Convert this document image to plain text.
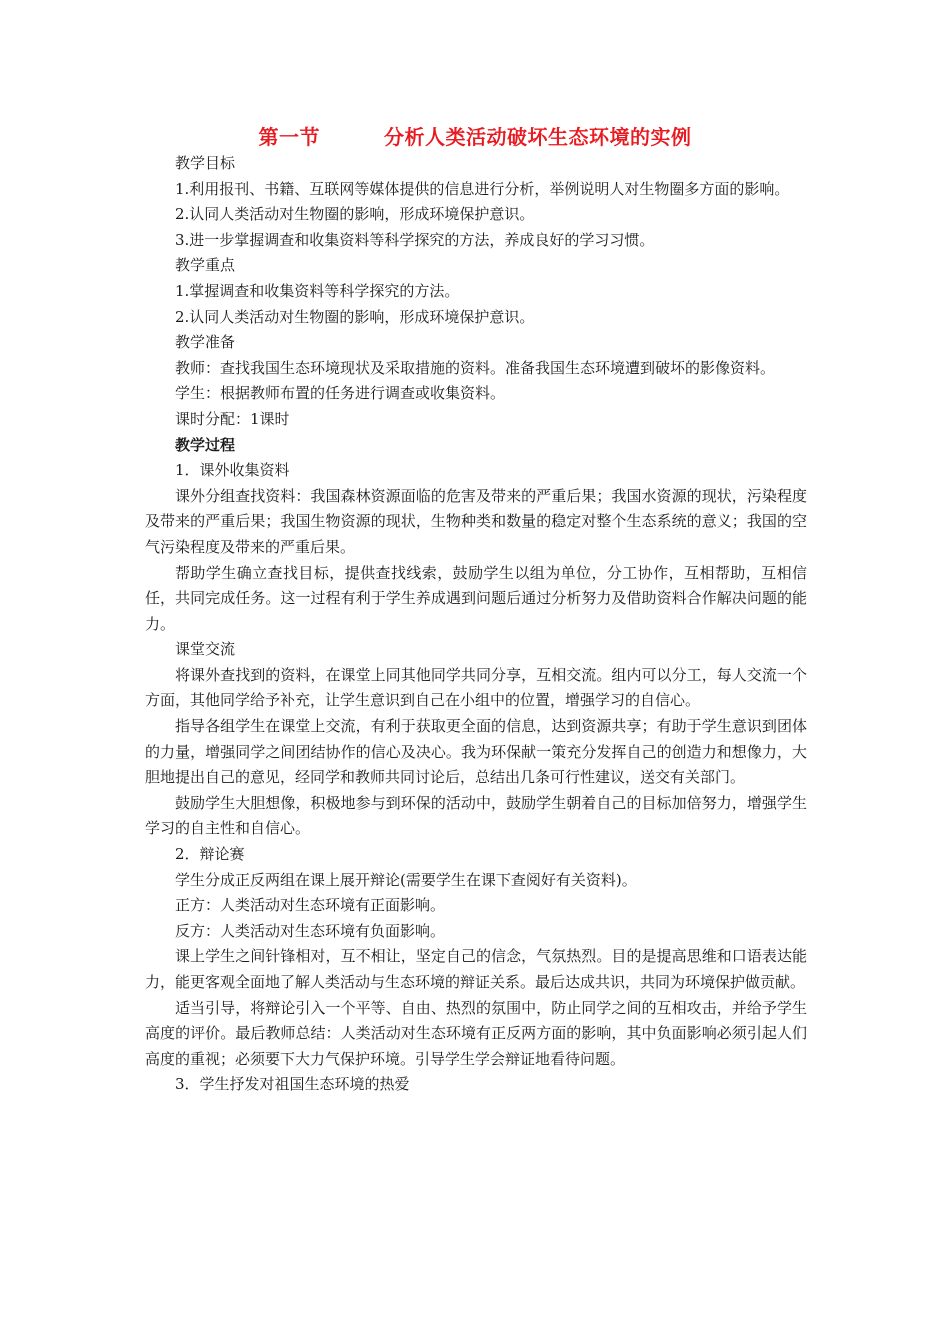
第一节	分析人类活动破坏生态环境的实例

教学目标

1.利用报刊、书籍、互联网等媒体提供的信息进行分析，举例说明人对生物圈多方面的影响。

2.认同人类活动对生物圈的影响，形成环境保护意识。

3.进一步掌握调查和收集资料等科学探究的方法，养成良好的学习习惯。

教学重点

1.掌握调查和收集资料等科学探究的方法。

2.认同人类活动对生物圈的影响，形成环境保护意识。

教学准备

教师：查找我国生态环境现状及采取措施的资料。准备我国生态环境遭到破坏的影像资料。

学生：根据教师布置的任务进行调查或收集资料。

课时分配：1课时

教学过程

1．课外收集资料

课外分组查找资料：我国森林资源面临的危害及带来的严重后果；我国水资源的现状，污染程度及带来的严重后果；我国生物资源的现状，生物种类和数量的稳定对整个生态系统的意义；我国的空气污染程度及带来的严重后果。

帮助学生确立查找目标，提供查找线索，鼓励学生以组为单位，分工协作，互相帮助，互相信任，共同完成任务。这一过程有利于学生养成遇到问题后通过分析努力及借助资料合作解决问题的能力。

课堂交流

将课外查找到的资料，在课堂上同其他同学共同分享，互相交流。组内可以分工，每人交流一个方面，其他同学给予补充，让学生意识到自己在小组中的位置，增强学习的自信心。

指导各组学生在课堂上交流，有利于获取更全面的信息，达到资源共享；有助于学生意识到团体的力量，增强同学之间团结协作的信心及决心。我为环保献一策充分发挥自己的创造力和想像力，大胆地提出自己的意见，经同学和教师共同讨论后，总结出几条可行性建议，送交有关部门。

鼓励学生大胆想像，积极地参与到环保的活动中，鼓励学生朝着自己的目标加倍努力，增强学生学习的自主性和自信心。

2．辩论赛

学生分成正反两组在课上展开辩论(需要学生在课下查阅好有关资料)。

正方：人类活动对生态环境有正面影响。

反方：人类活动对生态环境有负面影响。

课上学生之间针锋相对，互不相让，坚定自己的信念，气氛热烈。目的是提高思维和口语表达能力，能更客观全面地了解人类活动与生态环境的辩证关系。最后达成共识，共同为环境保护做贡献。

适当引导，将辩论引入一个平等、自由、热烈的氛围中，防止同学之间的互相攻击，并给予学生高度的评价。最后教师总结：人类活动对生态环境有正反两方面的影响，其中负面影响必须引起人们高度的重视；必须要下大力气保护环境。引导学生学会辩证地看待问题。

3．学生抒发对祖国生态环境的热爱
